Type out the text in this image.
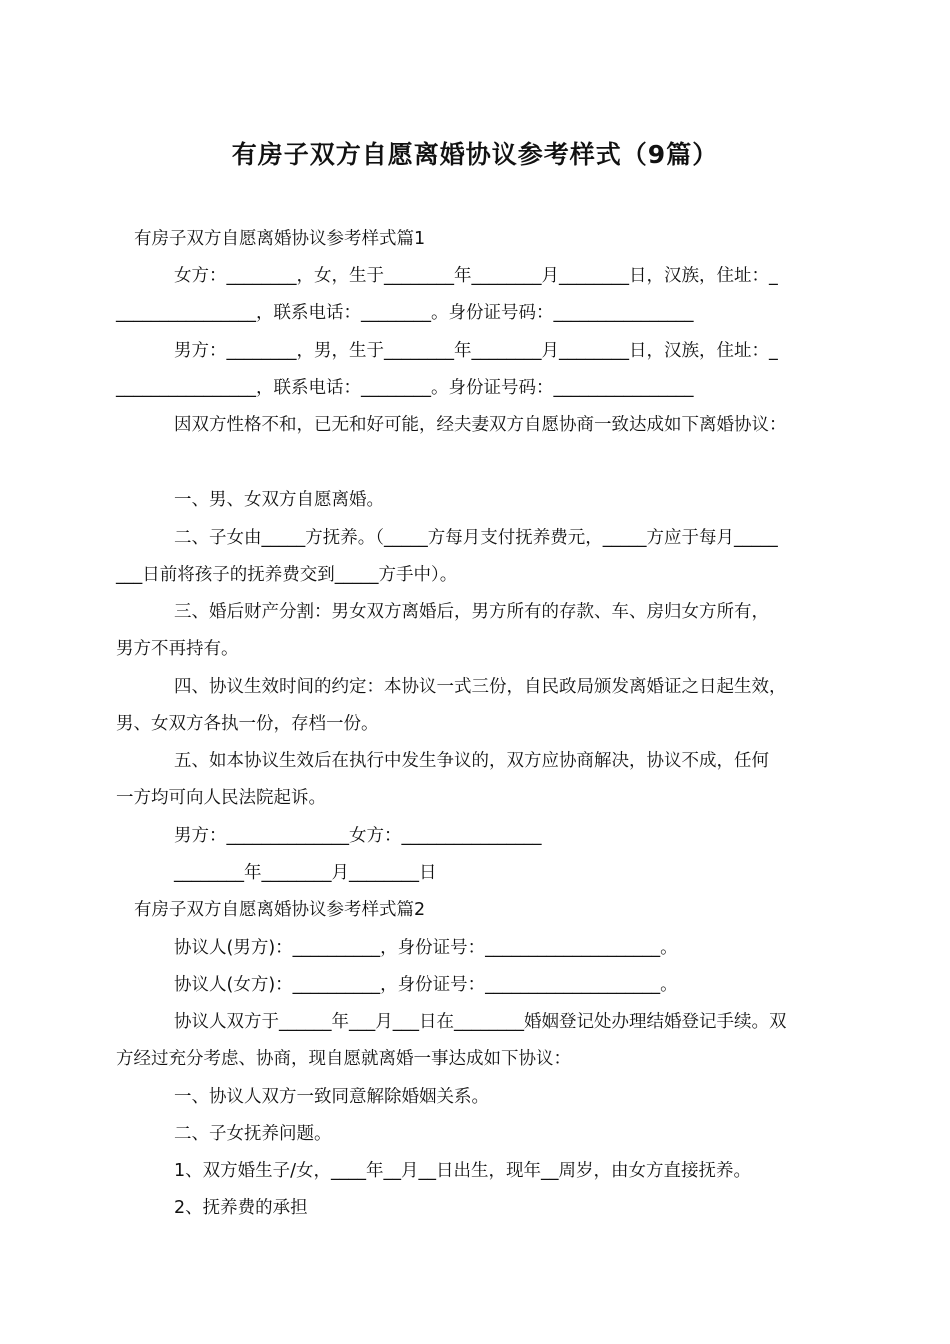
有房子双方自愿离婚协议参考样式（9篇）
有房子双方自愿离婚协议参考样式篇1
女方：________，女，生于________年________月________日，汉族，住址：_
________________，联系电话：________。身份证号码：________________
男方：________，男，生于________年________月________日，汉族，住址：_
________________，联系电话：________。身份证号码：________________
因双方性格不和，已无和好可能，经夫妻双方自愿协商一致达成如下离婚协议：
一、男、女双方自愿离婚。
二、子女由_____方抚养。（_____方每月支付抚养费元，_____方应于每月_____
___日前将孩子的抚养费交到_____方手中）。
三、婚后财产分割：男女双方离婚后，男方所有的存款、车、房归女方所有，
男方不再持有。
四、协议生效时间的约定：本协议一式三份，自民政局颁发离婚证之日起生效，
男、女双方各执一份，存档一份。
五、如本协议生效后在执行中发生争议的，双方应协商解决，协议不成，任何
一方均可向人民法院起诉。
男方：______________女方：________________
________年________月________日
有房子双方自愿离婚协议参考样式篇2
协议人(男方)：__________，身份证号：____________________。
协议人(女方)：__________，身份证号：____________________。
协议人双方于______年___月___日在________婚姻登记处办理结婚登记手续。双
方经过充分考虑、协商，现自愿就离婚一事达成如下协议：
一、协议人双方一致同意解除婚姻关系。
二、子女抚养问题。
1、双方婚生子/女，____年__月__日出生，现年__周岁，由女方直接抚养。
2、抚养费的承担
